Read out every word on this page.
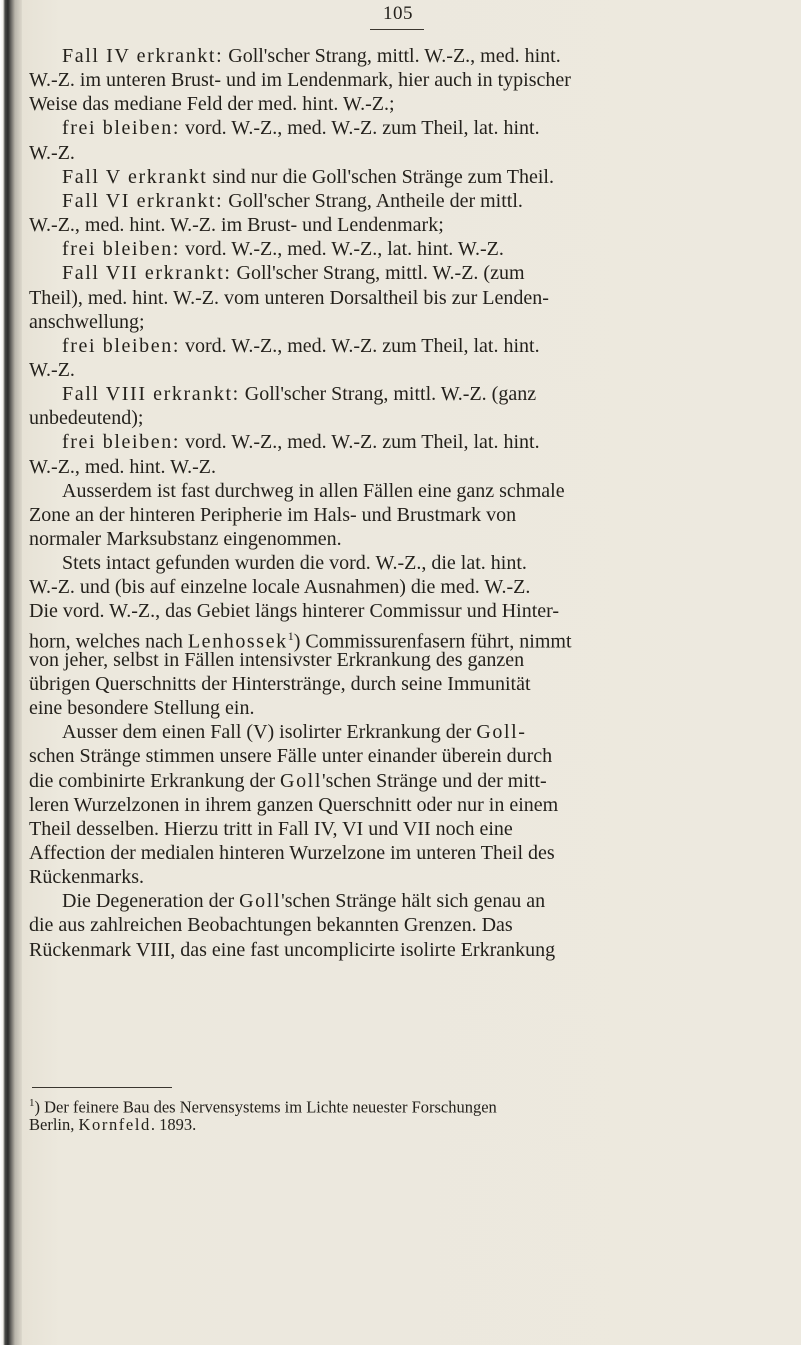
105
Fall IV erkrankt: Goll'scher Strang, mittl. W.-Z., med. hint.
W.-Z. im unteren Brust- und im Lendenmark, hier auch in typischer
Weise das mediane Feld der med. hint. W.-Z.;
frei bleiben: vord. W.-Z., med. W.-Z. zum Theil, lat. hint.
W.-Z.
Fall V erkrankt sind nur die Goll'schen Stränge zum Theil.
Fall VI erkrankt: Goll'scher Strang, Antheile der mittl.
W.-Z., med. hint. W.-Z. im Brust- und Lendenmark;
frei bleiben: vord. W.-Z., med. W.-Z., lat. hint. W.-Z.
Fall VII erkrankt: Goll'scher Strang, mittl. W.-Z. (zum
Theil), med. hint. W.-Z. vom unteren Dorsaltheil bis zur Lenden-
anschwellung;
frei bleiben: vord. W.-Z., med. W.-Z. zum Theil, lat. hint.
W.-Z.
Fall VIII erkrankt: Goll'scher Strang, mittl. W.-Z. (ganz
unbedeutend);
frei bleiben: vord. W.-Z., med. W.-Z. zum Theil, lat. hint.
W.-Z., med. hint. W.-Z.
Ausserdem ist fast durchweg in allen Fällen eine ganz schmale
Zone an der hinteren Peripherie im Hals- und Brustmark von
normaler Marksubstanz eingenommen.
Stets intact gefunden wurden die vord. W.-Z., die lat. hint.
W.-Z. und (bis auf einzelne locale Ausnahmen) die med. W.-Z.
Die vord. W.-Z., das Gebiet längs hinterer Commissur und Hinter-
horn, welches nach Lenhossek$^1$) Commissurenfasern führt, nimmt
von jeher, selbst in Fällen intensivster Erkrankung des ganzen
übrigen Querschnitts der Hinterstränge, durch seine Immunität
eine besondere Stellung ein.
Ausser dem einen Fall (V) isolirter Erkrankung der Goll-
schen Stränge stimmen unsere Fälle unter einander überein durch
die combinirte Erkrankung der Goll'schen Stränge und der mitt-
leren Wurzelzonen in ihrem ganzen Querschnitt oder nur in einem
Theil desselben. Hierzu tritt in Fall IV, VI und VII noch eine
Affection der medialen hinteren Wurzelzone im unteren Theil des
Rückenmarks.
Die Degeneration der Goll'schen Stränge hält sich genau an
die aus zahlreichen Beobachtungen bekannten Grenzen. Das
Rückenmark VIII, das eine fast uncomplicirte isolirte Erkrankung
$^1$) Der feinere Bau des Nervensystems im Lichte neuester Forschungen
Berlin, Kornfeld. 1893.
